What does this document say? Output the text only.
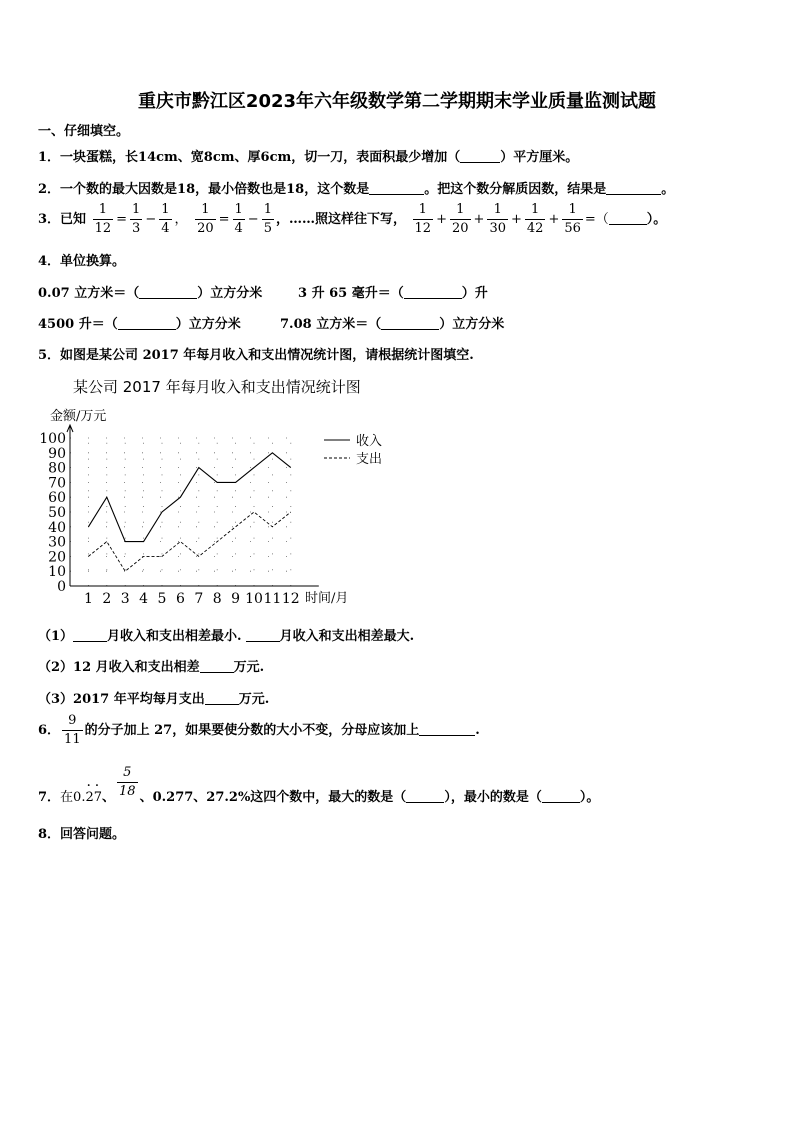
重庆市黔江区2023年六年级数学第二学期期末学业质量监测试题
一、仔细填空。
1．一块蛋糕，长14cm、宽8cm、厚6cm，切一刀，表面积最少增加（	）平方厘米。
2．一个数的最大因数是18，最小倍数也是18，这个数是	。把这个数分解质因数，结果是	。
3．已知 $\frac{1}{12} = \frac{1}{3} - \frac{1}{4}$ ， $\frac{1}{20} = \frac{1}{4} - \frac{1}{5}$ ，……照这样往下写， $\frac{1}{12} + \frac{1}{20} + \frac{1}{30} + \frac{1}{42} + \frac{1}{56}$ =（	）。
4．单位换算。
0.07 立方米＝（	）立方分米	3 升 65 毫升＝（	）升
4500 升＝（	）立方分米	7.08 立方米＝（	）立方分米
5．如图是某公司 2017 年每月收入和支出情况统计图，请根据统计图填空.
某公司 2017 年每月收入和支出情况统计图
金额/万元
0
10
20
30
40
50
60
70
80
90
100
1 2 3 4 5 6 7 8 9 10 11 12
收入
支出
时间/月
（1）	月收入和支出相差最小.	月收入和支出相差最大.
（2）12 月收入和支出相差	万元.
（3）2017 年平均每月支出	万元.
6． $\frac{9}{11}$ 的分子加上 27，如果要使分数的大小不变，分母应该加上	.
7．在0.· 2· 7、 $\frac{5}{18}$ 、0.277、27.2%这四个数中，最大的数是（	），最小的数是（	）。
8．回答问题。
